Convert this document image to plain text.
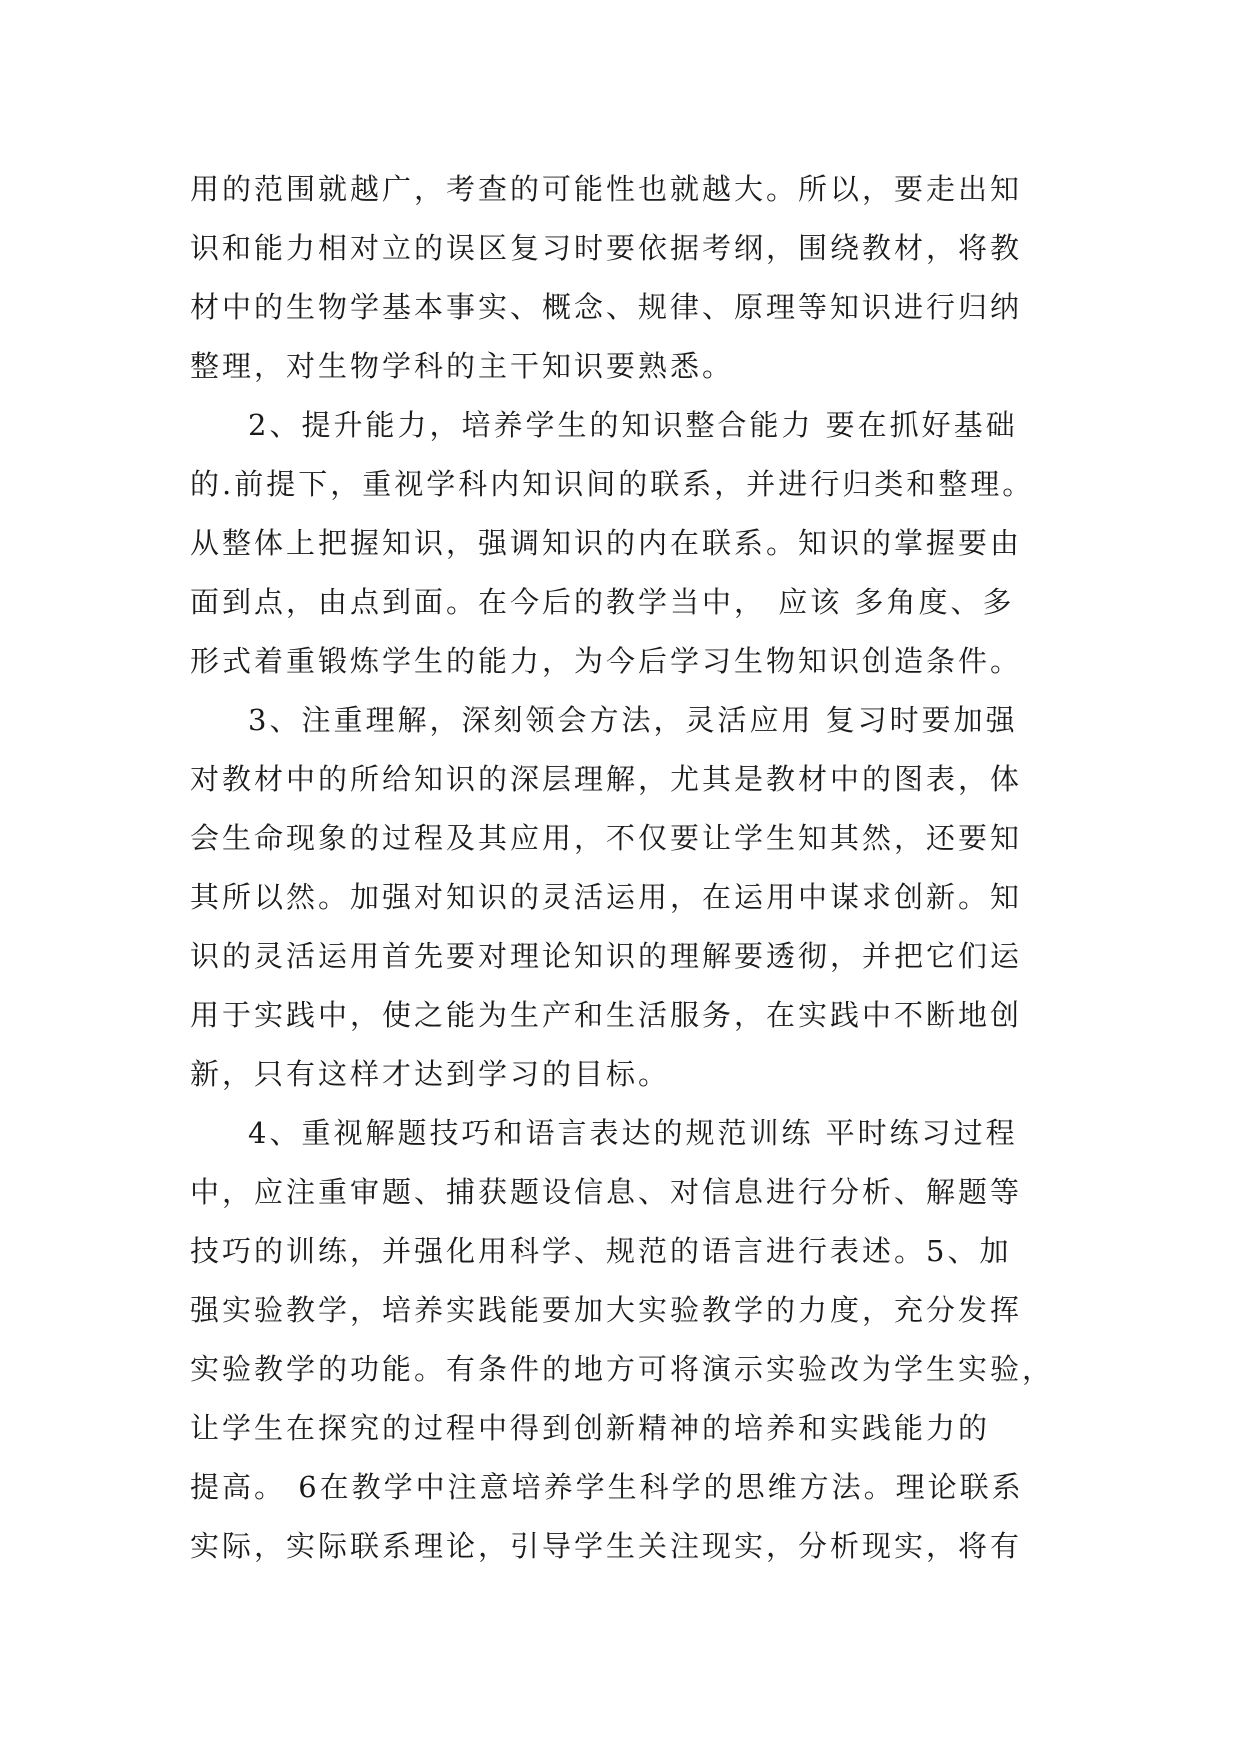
用的范围就越广，考查的可能性也就越大。所以，要走出知
识和能力相对立的误区复习时要依据考纲，围绕教材，将教
材中的生物学基本事实、概念、规律、原理等知识进行归纳
整理，对生物学科的主干知识要熟悉。
2、提升能力，培养学生的知识整合能力 要在抓好基础
的.前提下，重视学科内知识间的联系，并进行归类和整理。
从整体上把握知识，强调知识的内在联系。知识的掌握要由
面到点，由点到面。在今后的教学当中， 应该 多角度、多
形式着重锻炼学生的能力，为今后学习生物知识创造条件。
3、注重理解，深刻领会方法，灵活应用 复习时要加强
对教材中的所给知识的深层理解，尤其是教材中的图表，体
会生命现象的过程及其应用，不仅要让学生知其然，还要知
其所以然。加强对知识的灵活运用，在运用中谋求创新。知
识的灵活运用首先要对理论知识的理解要透彻，并把它们运
用于实践中，使之能为生产和生活服务，在实践中不断地创
新，只有这样才达到学习的目标。
4、重视解题技巧和语言表达的规范训练 平时练习过程
中，应注重审题、捕获题设信息、对信息进行分析、解题等
技巧的训练，并强化用科学、规范的语言进行表述。5、加
强实验教学，培养实践能要加大实验教学的力度，充分发挥
实验教学的功能。有条件的地方可将演示实验改为学生实验，
让学生在探究的过程中得到创新精神的培养和实践能力的
提高。 6在教学中注意培养学生科学的思维方法。理论联系
实际，实际联系理论，引导学生关注现实，分析现实，将有
